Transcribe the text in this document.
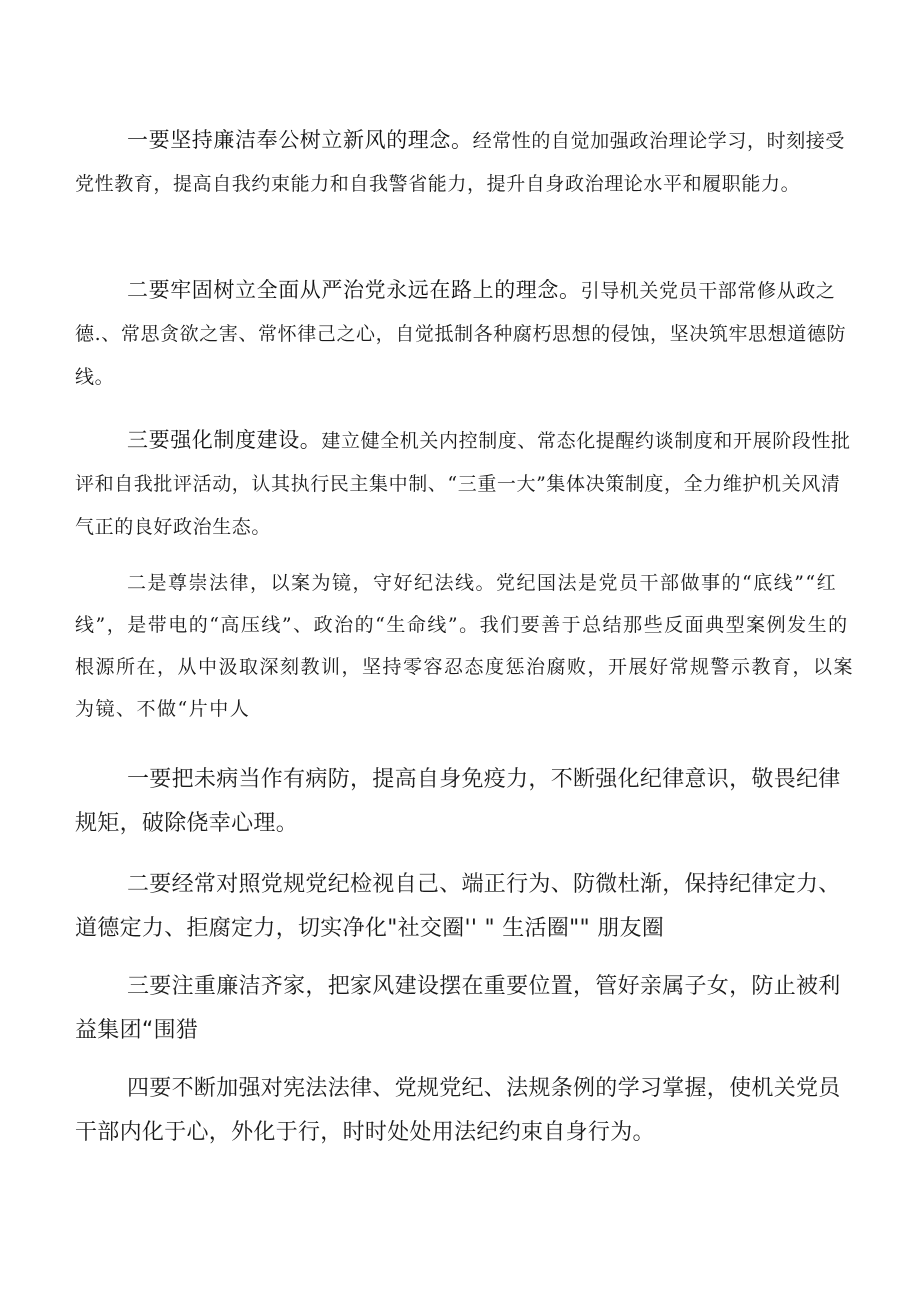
一要坚持廉洁奉公树立新风的理念。经常性的自觉加强政治理论学习，时刻接受党性教育，提高自我约束能力和自我警省能力，提升自身政治理论水平和履职能力。

二要牢固树立全面从严治党永远在路上的理念。引导机关党员干部常修从政之德.、常思贪欲之害、常怀律己之心，自觉抵制各种腐朽思想的侵蚀，坚决筑牢思想道德防线。

三要强化制度建设。建立健全机关内控制度、常态化提醒约谈制度和开展阶段性批评和自我批评活动，认其执行民主集中制、“三重一大”集体决策制度，全力维护机关风清气正的良好政治生态。

二是尊崇法律，以案为镜，守好纪法线。党纪国法是党员干部做事的“底线”“红线”，是带电的“高压线”、政治的“生命线”。我们要善于总结那些反面典型案例发生的根源所在，从中汲取深刻教训，坚持零容忍态度惩治腐败，开展好常规警示教育，以案为镜、不做“片中人

一要把未病当作有病防，提高自身免疫力，不断强化纪律意识，敬畏纪律规矩，破除侥幸心理。

二要经常对照党规党纪检视自己、端正行为、防微杜渐，保持纪律定力、道德定力、拒腐定力，切实净化"社交圈'' " 生活圈"" 朋友圈

三要注重廉洁齐家，把家风建设摆在重要位置，管好亲属子女，防止被利益集团“围猎

四要不断加强对宪法法律、党规党纪、法规条例的学习掌握，使机关党员干部内化于心，外化于行，时时处处用法纪约束自身行为。
